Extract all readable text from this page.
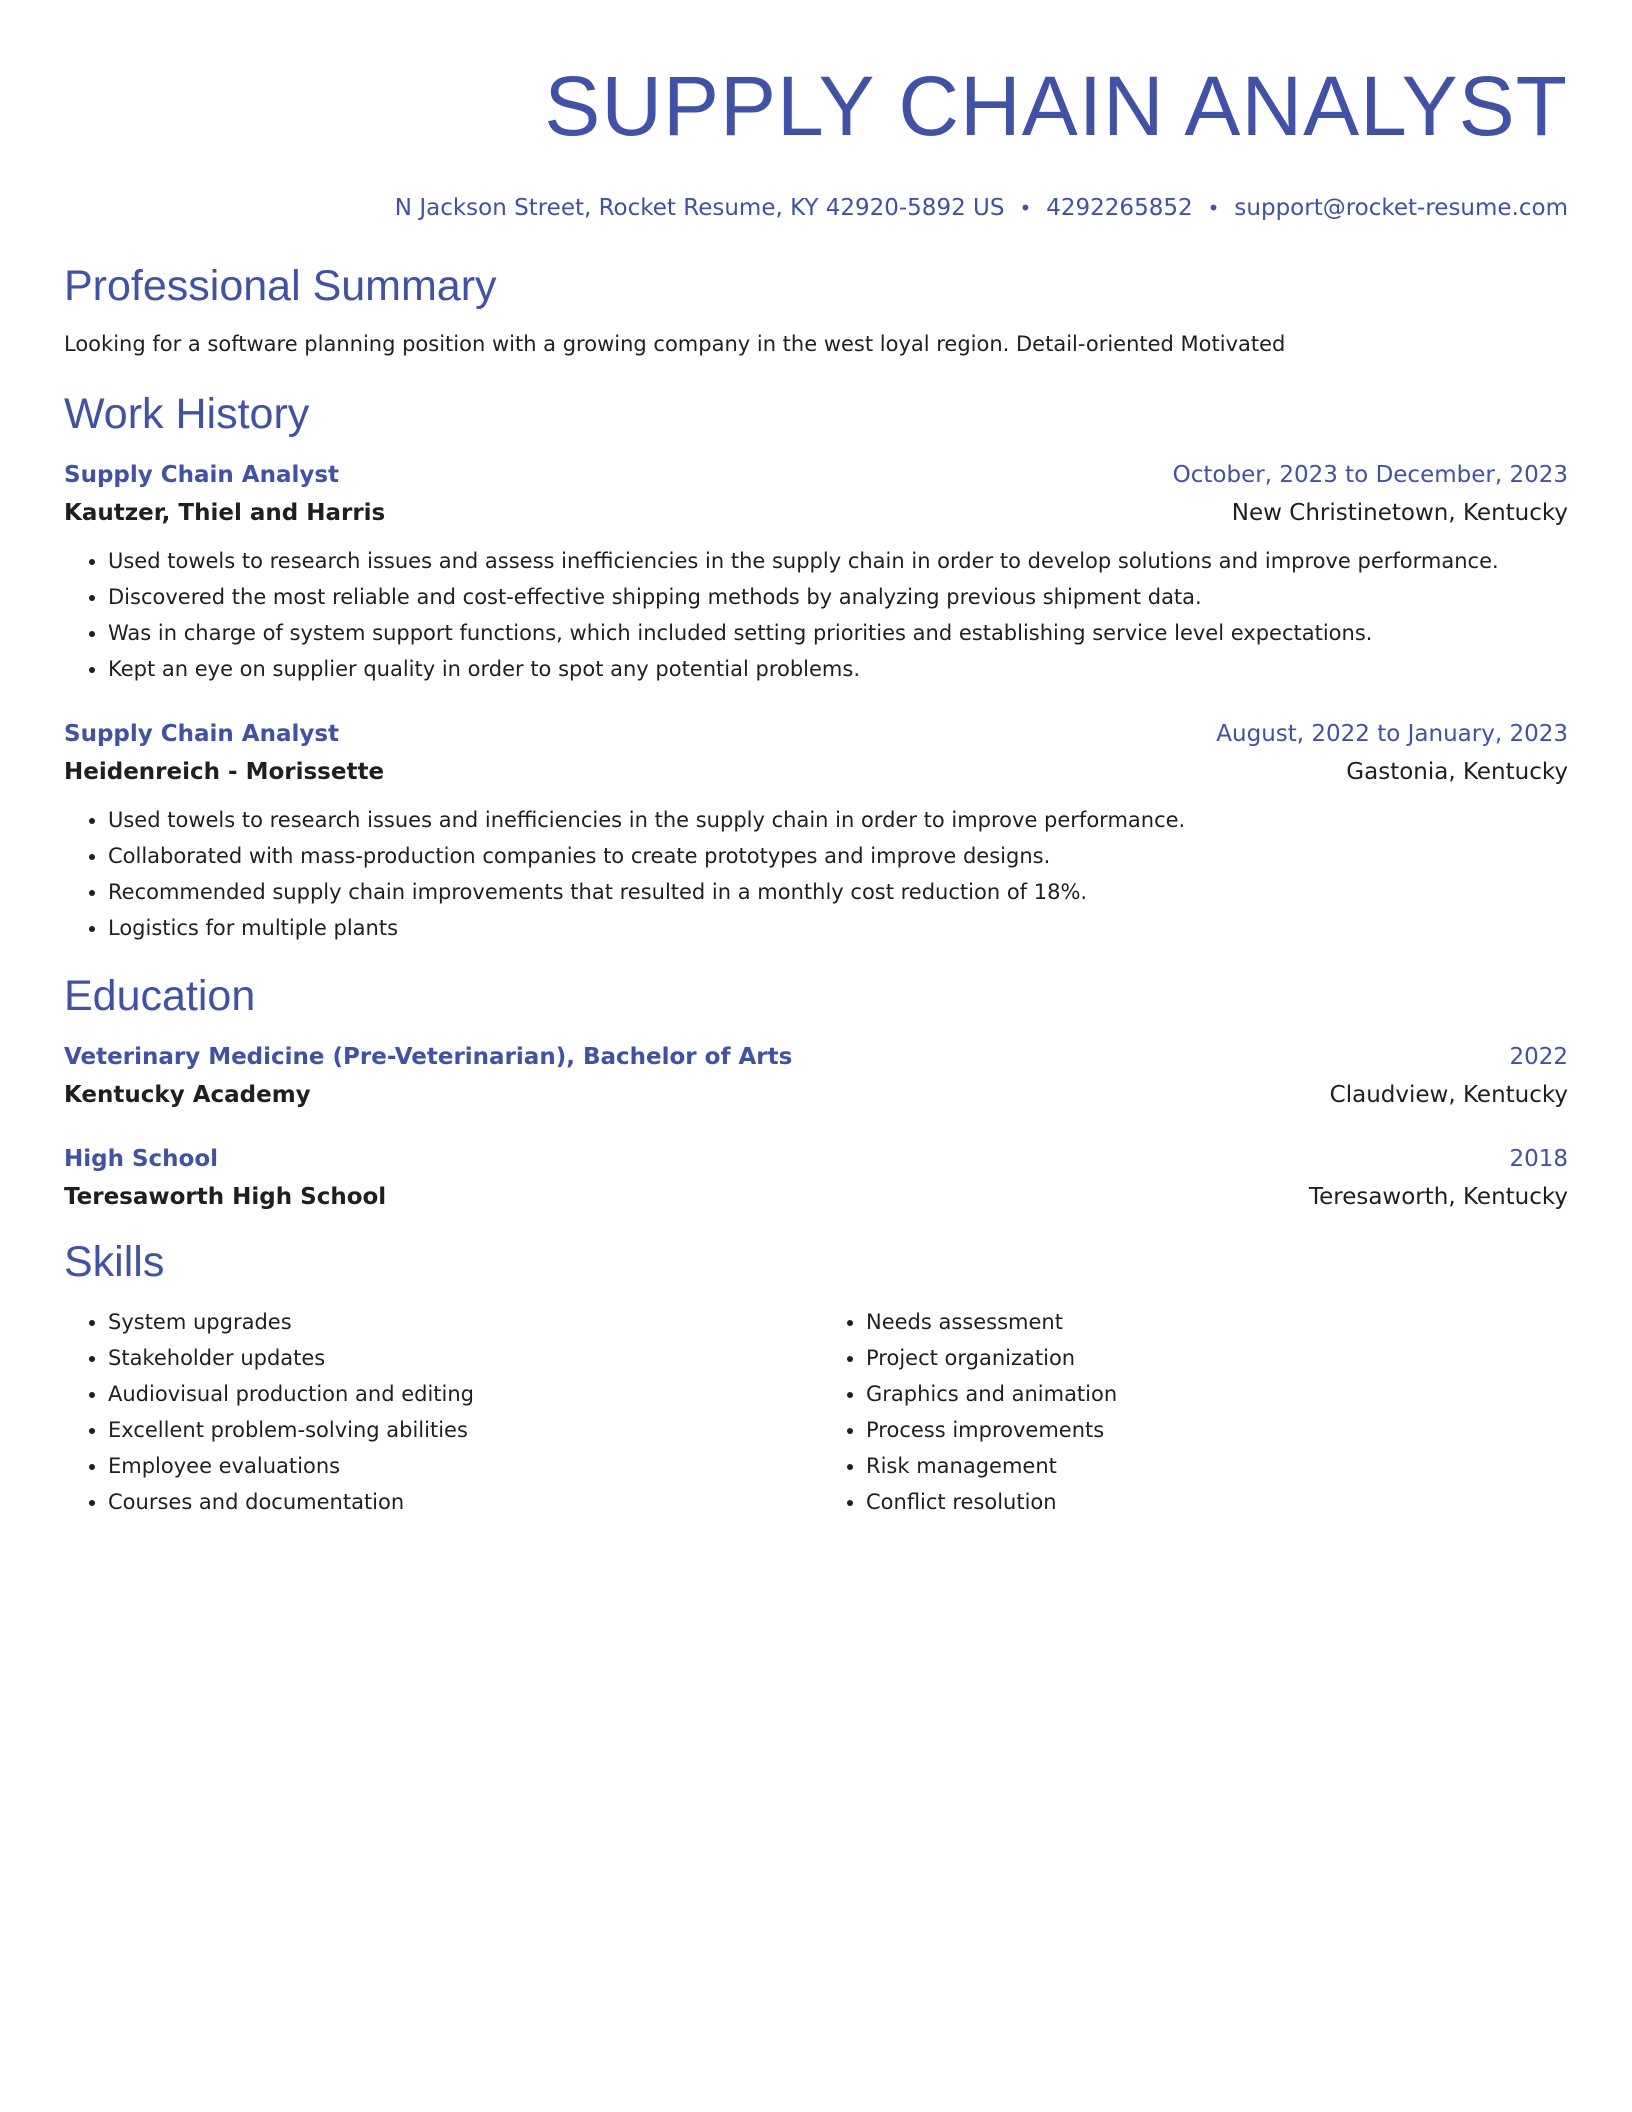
SUPPLY CHAIN ANALYST
N Jackson Street, Rocket Resume, KY 42920-5892 US • 4292265852 • support@rocket-resume.com
Professional Summary
Looking for a software planning position with a growing company in the west loyal region. Detail-oriented Motivated
Work History
Supply Chain Analyst	October, 2023 to December, 2023
Kautzer, Thiel and Harris	New Christinetown, Kentucky
• Used towels to research issues and assess inefficiencies in the supply chain in order to develop solutions and improve performance.
• Discovered the most reliable and cost-effective shipping methods by analyzing previous shipment data.
• Was in charge of system support functions, which included setting priorities and establishing service level expectations.
• Kept an eye on supplier quality in order to spot any potential problems.
Supply Chain Analyst	August, 2022 to January, 2023
Heidenreich - Morissette	Gastonia, Kentucky
• Used towels to research issues and inefficiencies in the supply chain in order to improve performance.
• Collaborated with mass-production companies to create prototypes and improve designs.
• Recommended supply chain improvements that resulted in a monthly cost reduction of 18%.
• Logistics for multiple plants
Education
Veterinary Medicine (Pre-Veterinarian), Bachelor of Arts	2022
Kentucky Academy	Claudview, Kentucky
High School	2018
Teresaworth High School	Teresaworth, Kentucky
Skills
• System upgrades
• Stakeholder updates
• Audiovisual production and editing
• Excellent problem-solving abilities
• Employee evaluations
• Courses and documentation
• Needs assessment
• Project organization
• Graphics and animation
• Process improvements
• Risk management
• Conflict resolution
